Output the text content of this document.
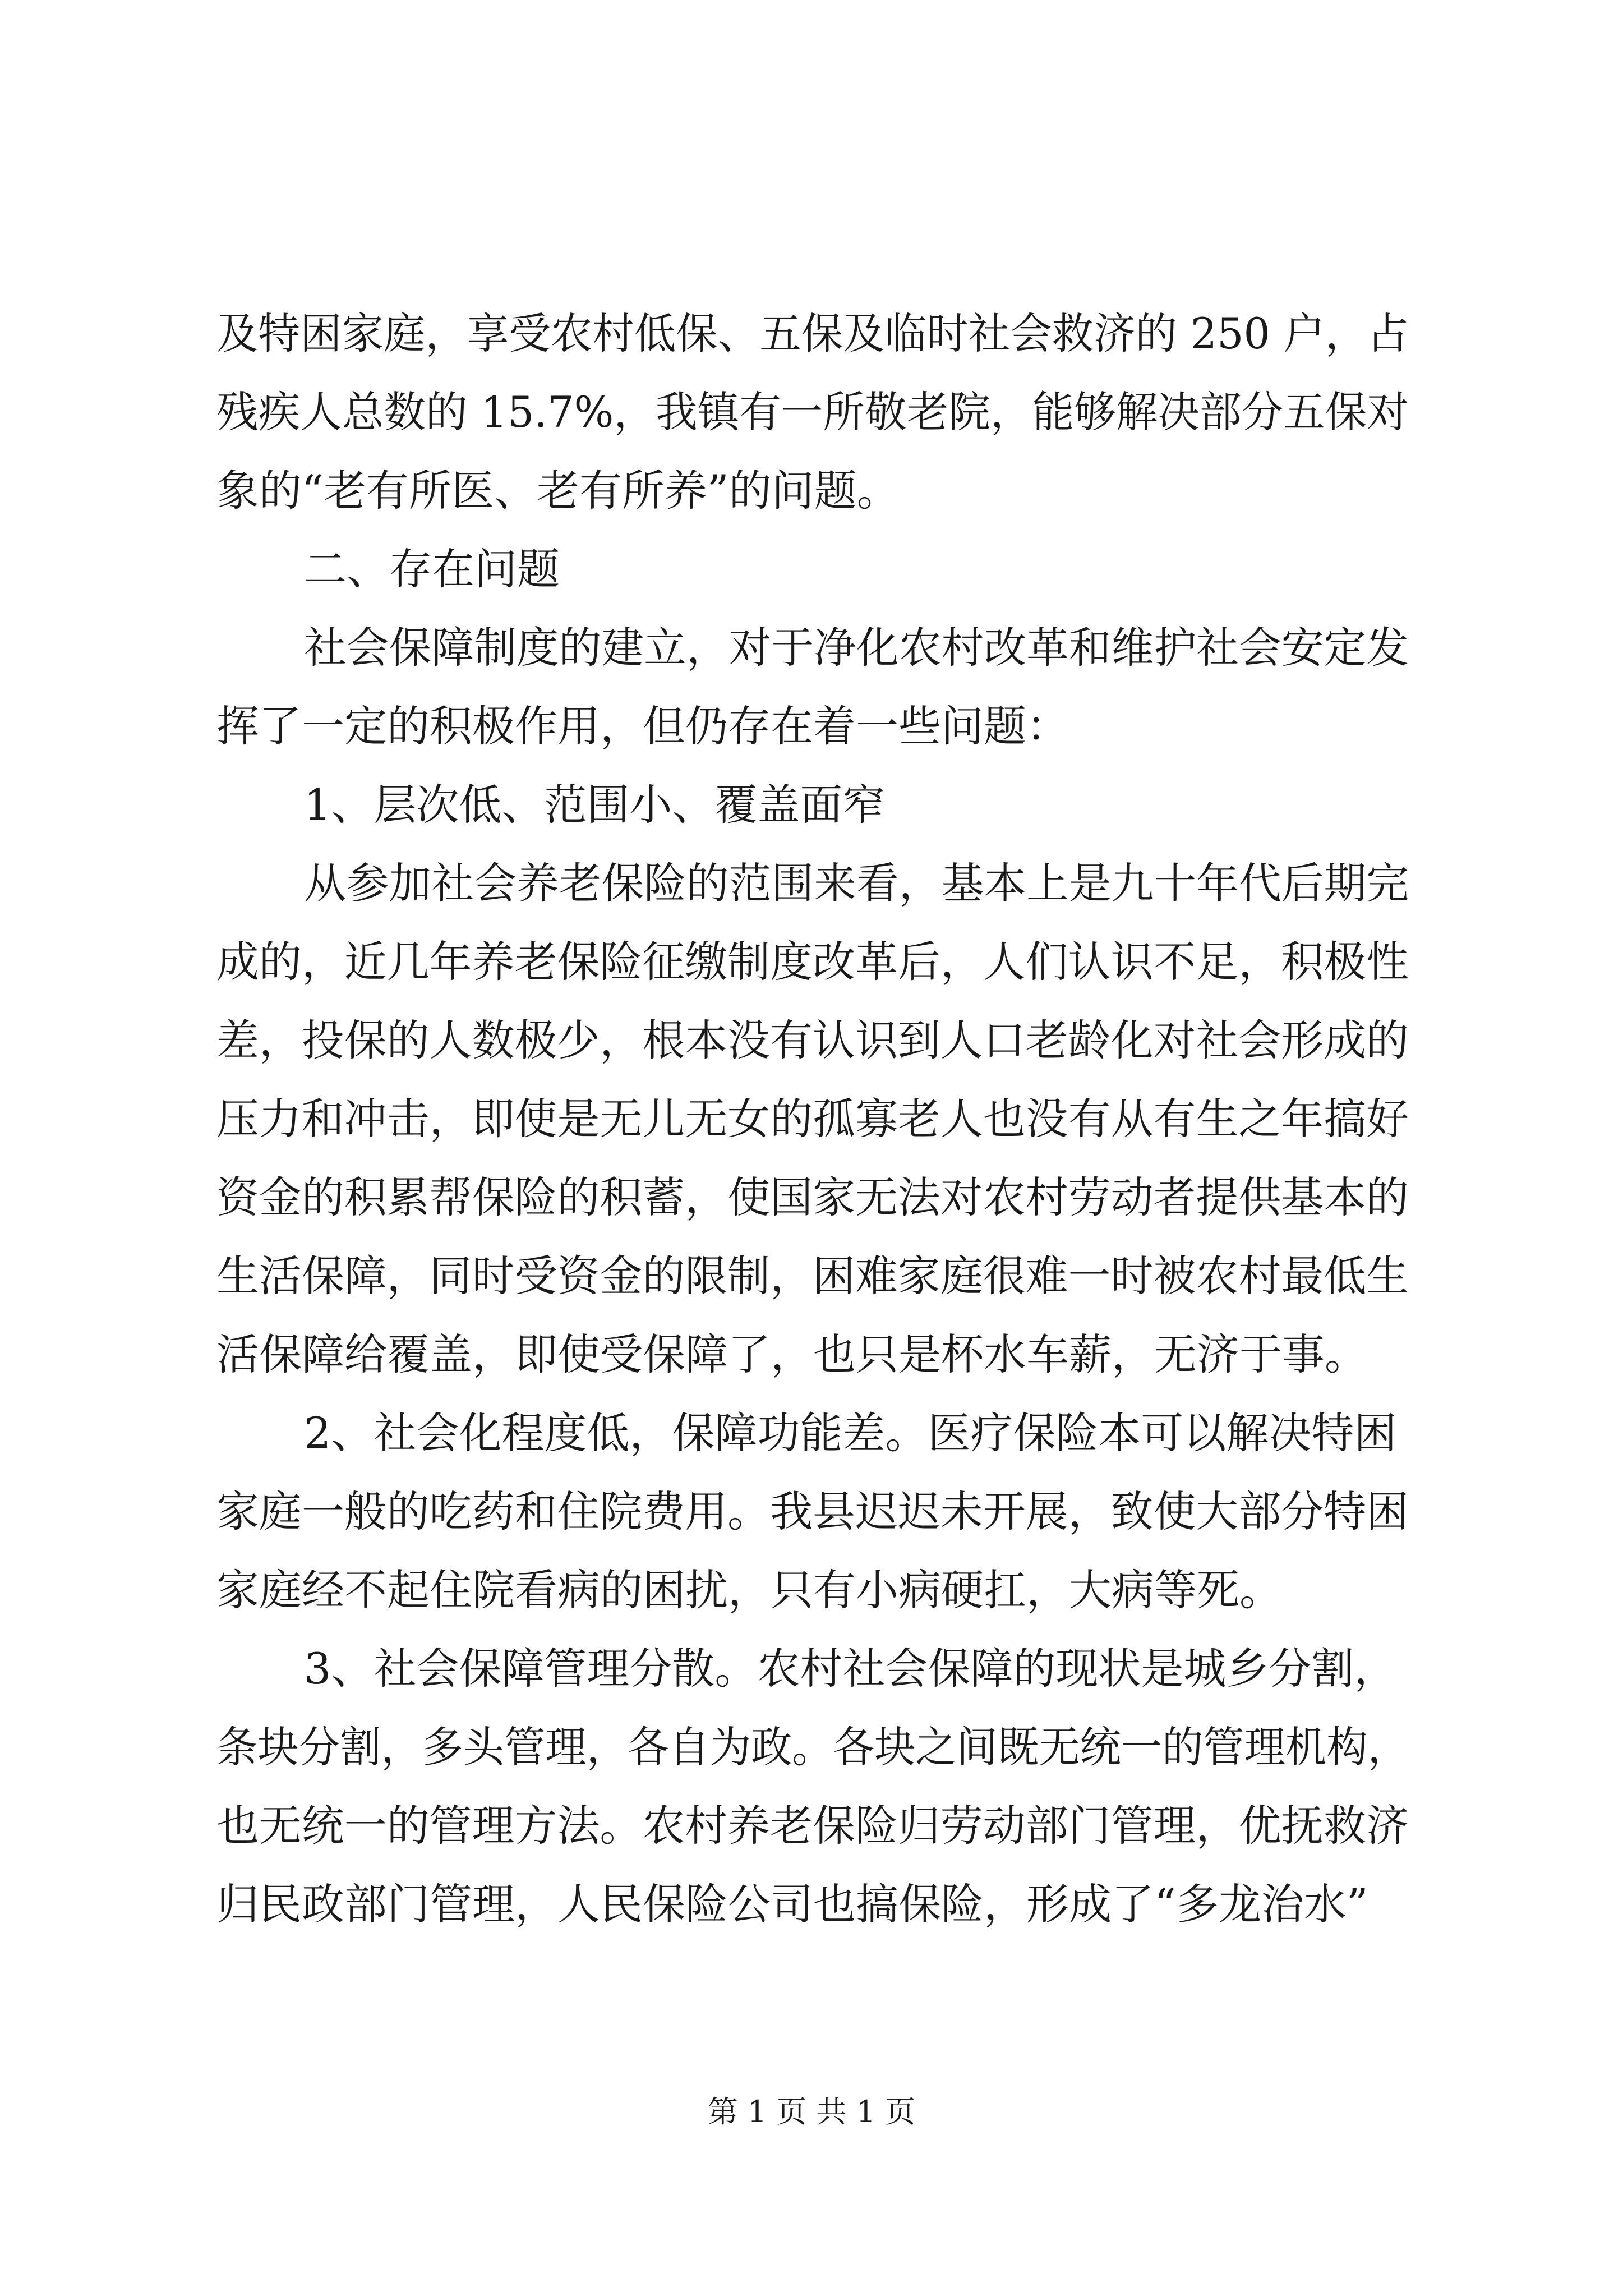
及特困家庭，享受农村低保、五保及临时社会救济的 250 户，占
残疾人总数的 15.7%，我镇有一所敬老院，能够解决部分五保对
象的“老有所医、老有所养”的问题。
二、存在问题
社会保障制度的建立，对于净化农村改革和维护社会安定发
挥了一定的积极作用，但仍存在着一些问题：
1、层次低、范围小、覆盖面窄
从参加社会养老保险的范围来看，基本上是九十年代后期完
成的，近几年养老保险征缴制度改革后，人们认识不足，积极性
差，投保的人数极少，根本没有认识到人口老龄化对社会形成的
压力和冲击，即使是无儿无女的孤寡老人也没有从有生之年搞好
资金的积累帮保险的积蓄，使国家无法对农村劳动者提供基本的
生活保障，同时受资金的限制，困难家庭很难一时被农村最低生
活保障给覆盖，即使受保障了，也只是杯水车薪，无济于事。
2、社会化程度低，保障功能差。医疗保险本可以解决特困
家庭一般的吃药和住院费用。我县迟迟未开展，致使大部分特困
家庭经不起住院看病的困扰，只有小病硬扛，大病等死。
3、社会保障管理分散。农村社会保障的现状是城乡分割，
条块分割，多头管理，各自为政。各块之间既无统一的管理机构，
也无统一的管理方法。农村养老保险归劳动部门管理，优抚救济
归民政部门管理，人民保险公司也搞保险，形成了“多龙治水”
第 1 页 共 1 页
